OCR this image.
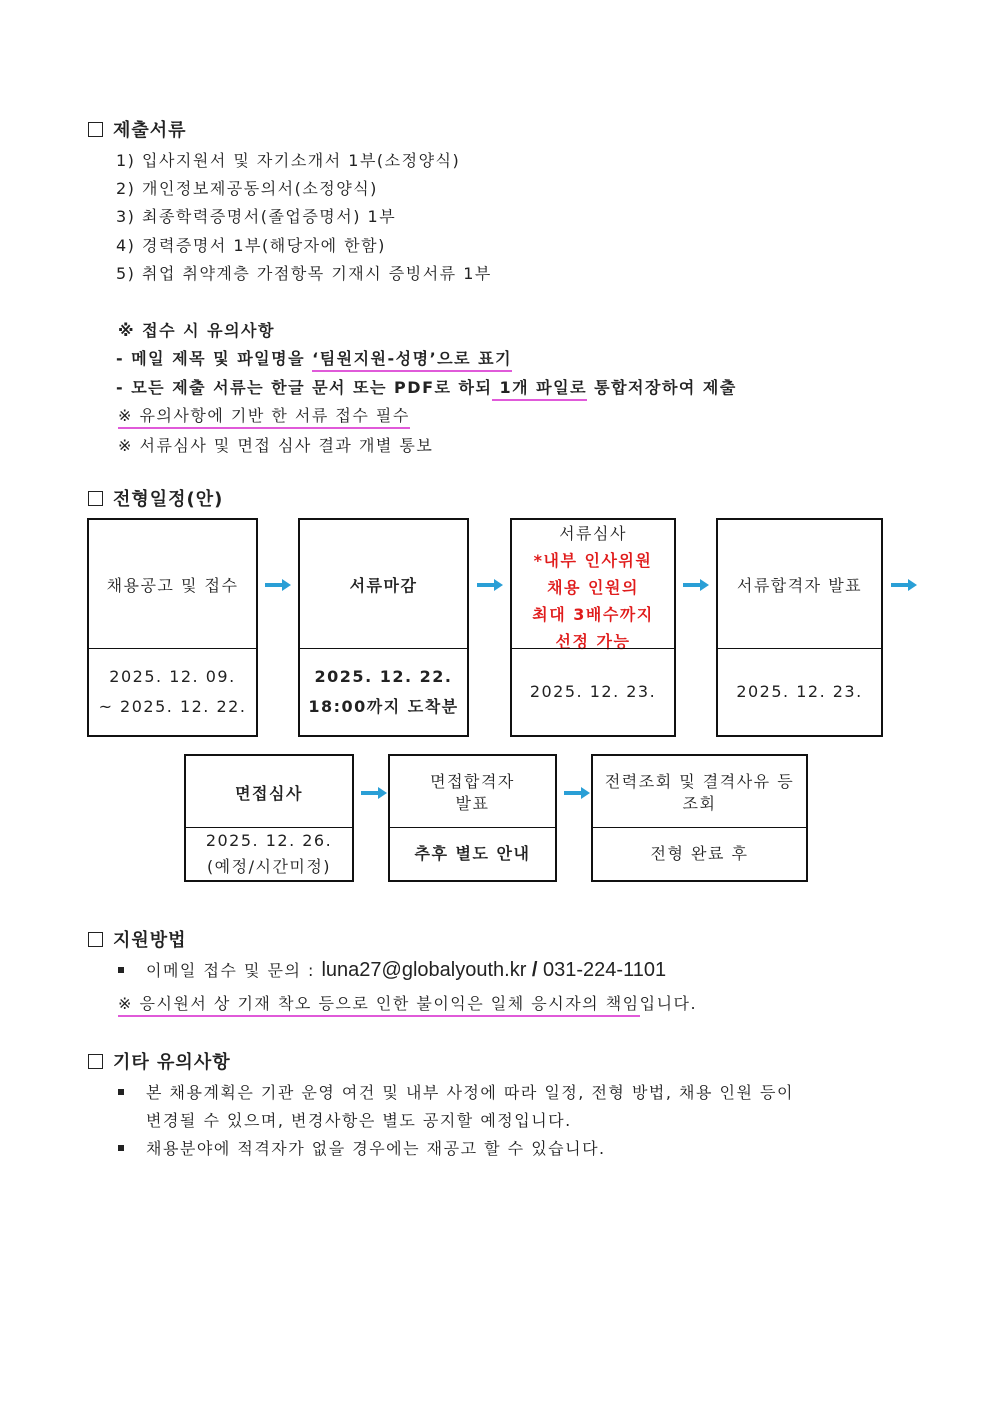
제출서류
1) 입사지원서 및 자기소개서 1부(소정양식)
2) 개인정보제공동의서(소정양식)
3) 최종학력증명서(졸업증명서) 1부
4) 경력증명서 1부(해당자에 한함)
5) 취업 취약계층 가점항목 기재시 증빙서류 1부
※ 접수 시 유의사항
- 메일 제목 및 파일명을 ‘팀원지원-성명’으로 표기
- 모든 제출 서류는 한글 문서 또는 PDF로 하되 1개 파일로 통합저장하여 제출
※ 유의사항에 기반 한 서류 접수 필수
※ 서류심사 및 면접 심사 결과 개별 통보
전형일정(안)
채용공고 및 접수
2025. 12. 09.
~ 2025. 12. 22.
서류마감
2025. 12. 22.
18:00까지 도착분
서류심사
*내부 인사위원
채용 인원의
최대 3배수까지
선정 가능
2025. 12. 23.
서류합격자 발표
2025. 12. 23.
면접심사
2025. 12. 26.
(예정/시간미정)
면접합격자
발표
추후 별도 안내
전력조회 및 결격사유 등
조회
전형 완료 후
지원방법
이메일 접수 및 문의 : luna27@globalyouth.kr / 031-224-1101
※ 응시원서 상 기재 착오 등으로 인한 불이익은 일체 응시자의 책임입니다.
기타 유의사항
본 채용계획은 기관 운영 여건 및 내부 사정에 따라 일정, 전형 방법, 채용 인원 등이
변경될 수 있으며, 변경사항은 별도 공지할 예정입니다.
채용분야에 적격자가 없을 경우에는 재공고 할 수 있습니다.
